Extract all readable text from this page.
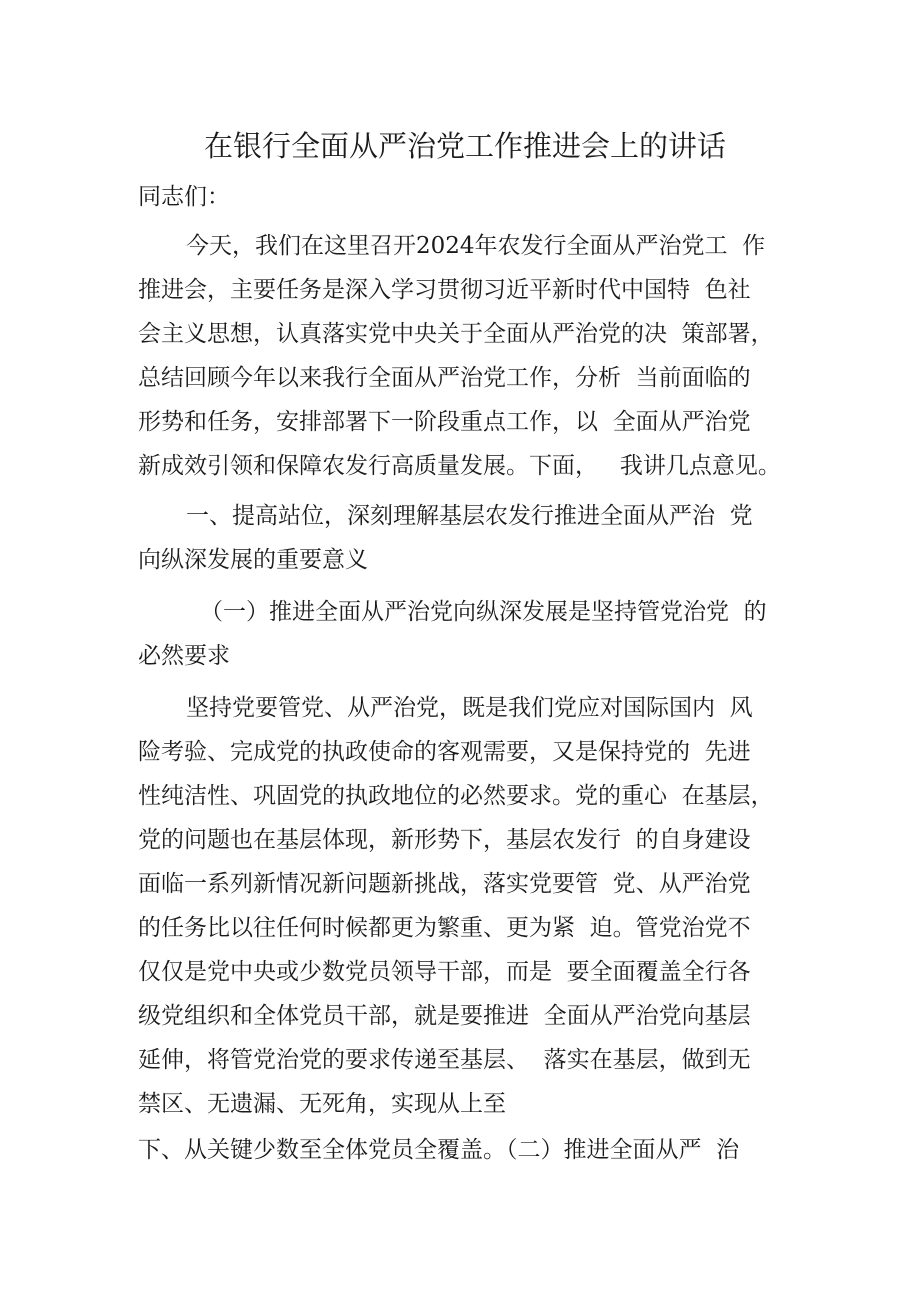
在银行全面从严治党工作推进会上的讲话

同志们：

今天，我们在这里召开2024年农发行全面从严治党工  作

推进会，主要任务是深入学习贯彻习近平新时代中国特  色社

会主义思想，认真落实党中央关于全面从严治党的决  策部署，

总结回顾今年以来我行全面从严治党工作，分析  当前面临的

形势和任务，安排部署下一阶段重点工作，以  全面从严治党

新成效引领和保障农发行高质量发展。下面，   我讲几点意见。

一、提高站位，深刻理解基层农发行推进全面从严治  党

向纵深发展的重要意义

（一）推进全面从严治党向纵深发展是坚持管党治党  的

必然要求

坚持党要管党、从严治党，既是我们党应对国际国内  风

险考验、完成党的执政使命的客观需要，又是保持党的  先进

性纯洁性、巩固党的执政地位的必然要求。党的重心  在基层，

党的问题也在基层体现，新形势下，基层农发行  的自身建设

面临一系列新情况新问题新挑战，落实党要管  党、从严治党

的任务比以往任何时候都更为繁重、更为紧  迫。管党治党不

仅仅是党中央或少数党员领导干部，而是  要全面覆盖全行各

级党组织和全体党员干部，就是要推进  全面从严治党向基层

延伸，将管党治党的要求传递至基层、  落实在基层，做到无

禁区、无遗漏、无死角，实现从上至

下、从关键少数至全体党员全覆盖。（二）推进全面从严  治
